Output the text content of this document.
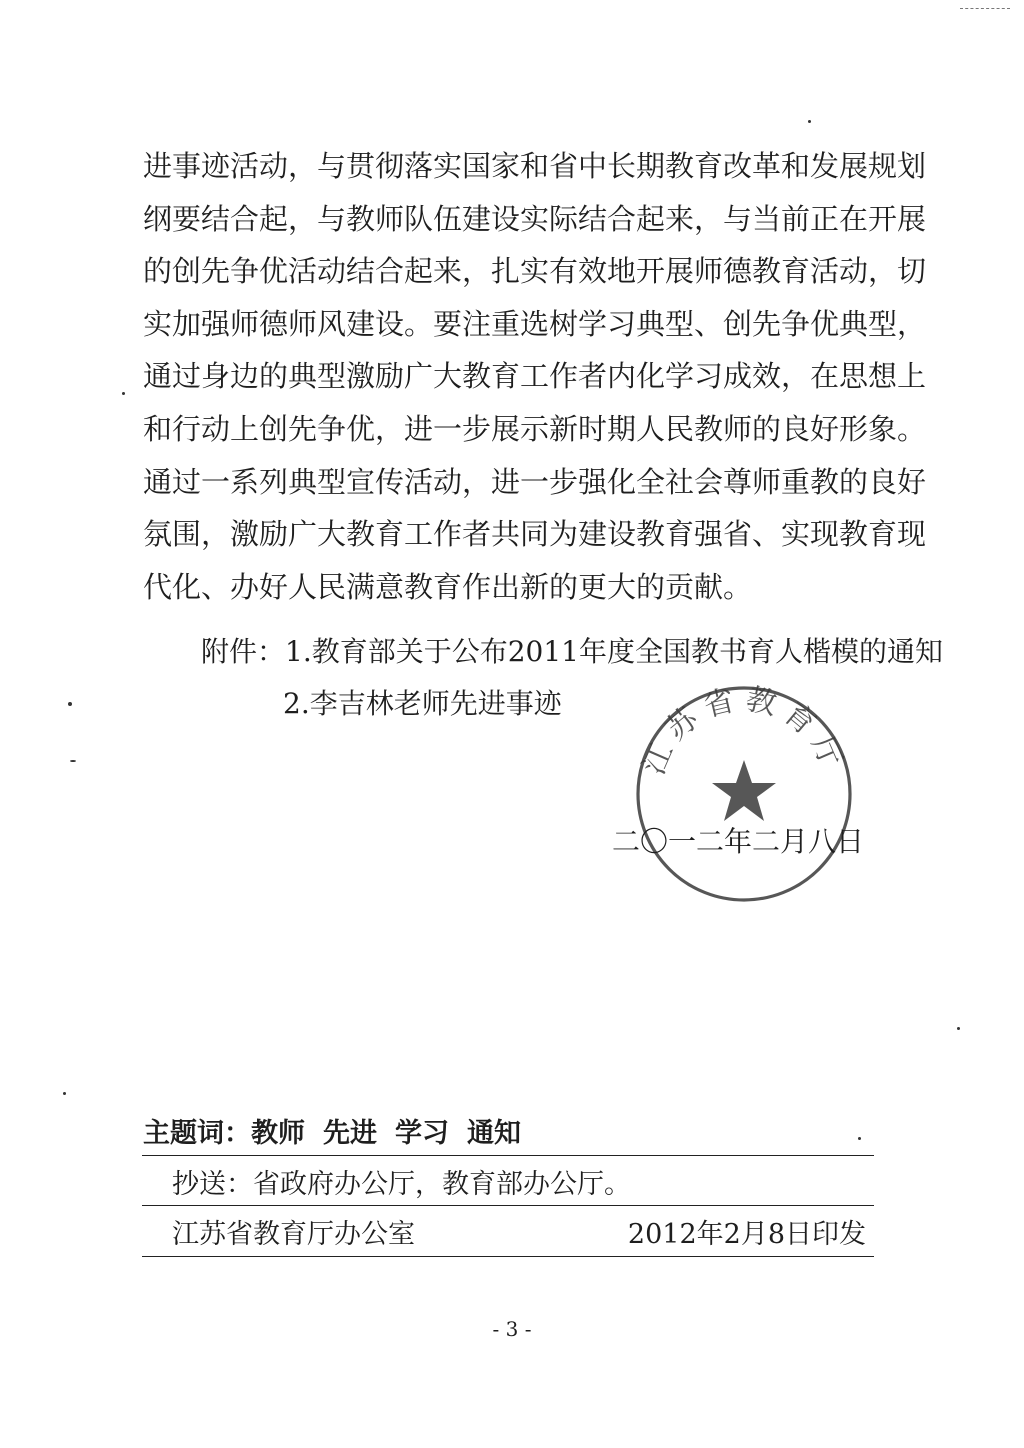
进事迹活动，与贯彻落实国家和省中长期教育改革和发展规划
纲要结合起，与教师队伍建设实际结合起来，与当前正在开展
的创先争优活动结合起来，扎实有效地开展师德教育活动，切
实加强师德师风建设。要注重选树学习典型、创先争优典型，
通过身边的典型激励广大教育工作者内化学习成效，在思想上
和行动上创先争优，进一步展示新时期人民教师的良好形象。
通过一系列典型宣传活动，进一步强化全社会尊师重教的良好
氛围，激励广大教育工作者共同为建设教育强省、实现教育现
代化、办好人民满意教育作出新的更大的贡献。
附件：1.教育部关于公布2011年度全国教书育人楷模的通知
2.李吉林老师先进事迹
江苏省教育厅
二〇一二年二月八日
主题词：教师 先进 学习 通知
抄送：省政府办公厅，教育部办公厅。
江苏省教育厅办公室	2012年2月8日印发
- 3 -
